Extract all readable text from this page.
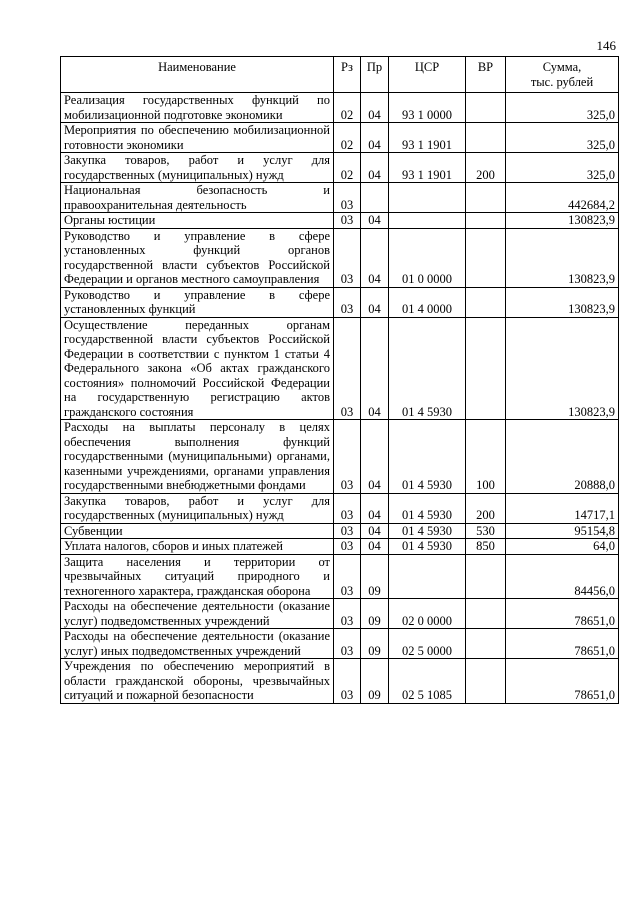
146
Наименование	Рз	Пр	ЦСР	ВР	Сумма,
тыс. рублей
Реализация государственных функций по мобилизационной подготовке экономики	02	04	93 1 0000		325,0
Мероприятия по обеспечению мобилизационной готовности экономики	02	04	93 1 1901		325,0
Закупка товаров, работ и услуг для государственных (муниципальных) нужд	02	04	93 1 1901	200	325,0
Национальная безопасность и правоохранительная деятельность	03				442684,2
Органы юстиции	03	04			130823,9
Руководство и управление в сфере установленных функций органов государственной власти субъектов Российской Федерации и органов местного самоуправления	03	04	01 0 0000		130823,9
Руководство и управление в сфере установленных функций	03	04	01 4 0000		130823,9
Осуществление переданных органам государственной власти субъектов Российской Федерации в соответствии с пунктом 1 статьи 4 Федерального закона «Об актах гражданского состояния» полномочий Российской Федерации на государственную регистрацию актов гражданского состояния	03	04	01 4 5930		130823,9
Расходы на выплаты персоналу в целях обеспечения выполнения функций государственными (муниципальными) органами, казенными учреждениями, органами управления государственными внебюджетными фондами	03	04	01 4 5930	100	20888,0
Закупка товаров, работ и услуг для государственных (муниципальных) нужд	03	04	01 4 5930	200	14717,1
Субвенции	03	04	01 4 5930	530	95154,8
Уплата налогов, сборов и иных платежей	03	04	01 4 5930	850	64,0
Защита населения и территории от чрезвычайных ситуаций природного и техногенного характера, гражданская оборона	03	09			84456,0
Расходы на обеспечение деятельности (оказание услуг) подведомственных учреждений	03	09	02 0 0000		78651,0
Расходы на обеспечение деятельности (оказание услуг) иных подведомственных учреждений	03	09	02 5 0000		78651,0
Учреждения по обеспечению мероприятий в области гражданской обороны, чрезвычайных ситуаций и пожарной безопасности	03	09	02 5 1085		78651,0
